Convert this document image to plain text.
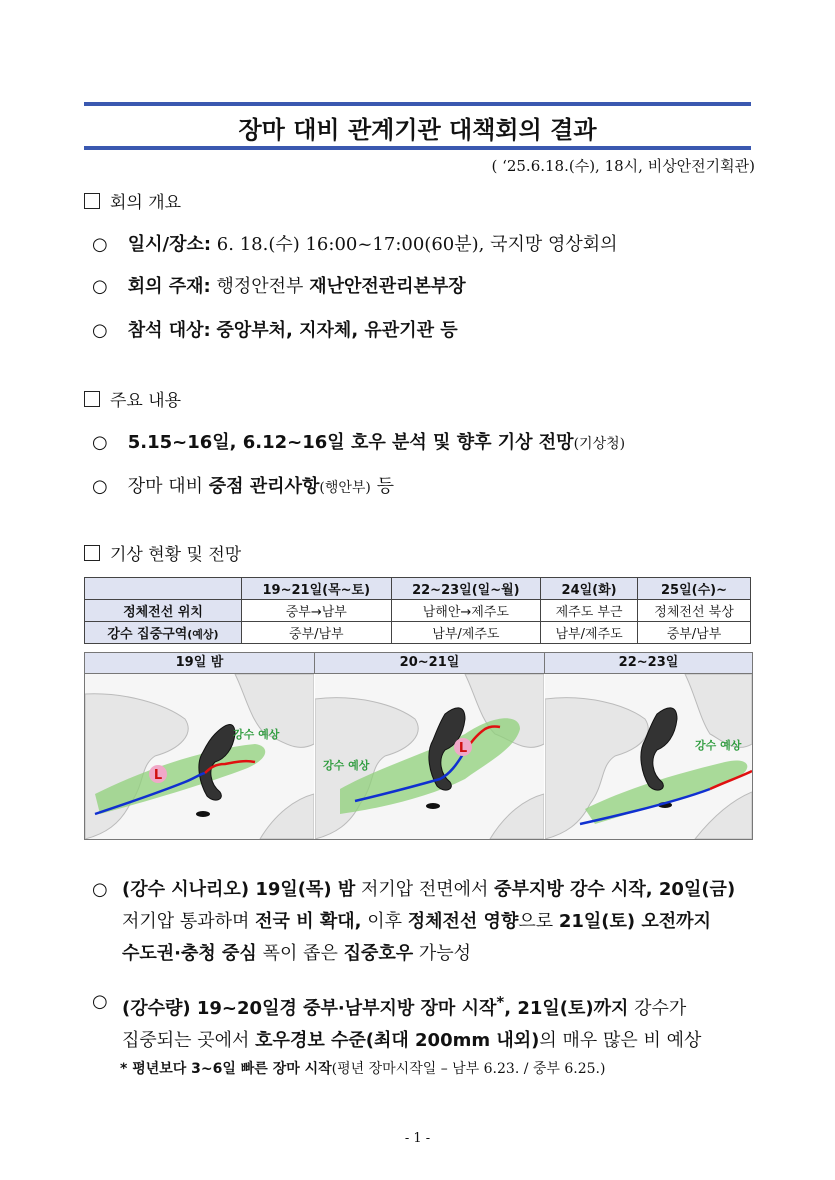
장마 대비 관계기관 대책회의 결과
( ‘25.6.18.(수), 18시, 비상안전기획관)
회의 개요
○ 일시/장소: 6. 18.(수) 16:00~17:00(60분), 국지망 영상회의
○ 회의 주재: 행정안전부 재난안전관리본부장
○ 참석 대상: 중앙부처, 지자체, 유관기관 등
주요 내용
○ 5.15~16일, 6.12~16일 호우 분석 및 향후 기상 전망(기상청)
○ 장마 대비 중점 관리사항(행안부) 등
기상 현황 및 전망
	19~21일(목~토)	22~23일(일~월)	24일(화)	25일(수)~
정체전선 위치	중부→남부	남해안→제주도	제주도 부근	정체전선 북상
강수 집중구역(예상)	중부/남부	남부/제주도	남부/제주도	중부/남부
19일 밤	20~21일	22~23일
L
강수 예상
L
강수 예상
강수 예상
○ (강수 시나리오) 19일(목) 밤 저기압 전면에서 중부지방 강수 시작, 20일(금)
저기압 통과하며 전국 비 확대, 이후 정체전선 영향으로 21일(토) 오전까지
수도권·충청 중심 폭이 좁은 집중호우 가능성
○ (강수량) 19~20일경 중부·남부지방 장마 시작*, 21일(토)까지 강수가
집중되는 곳에서 호우경보 수준(최대 200mm 내외)의 매우 많은 비 예상
* 평년보다 3~6일 빠른 장마 시작(평년 장마시작일 – 남부 6.23. / 중부 6.25.)
- 1 -
